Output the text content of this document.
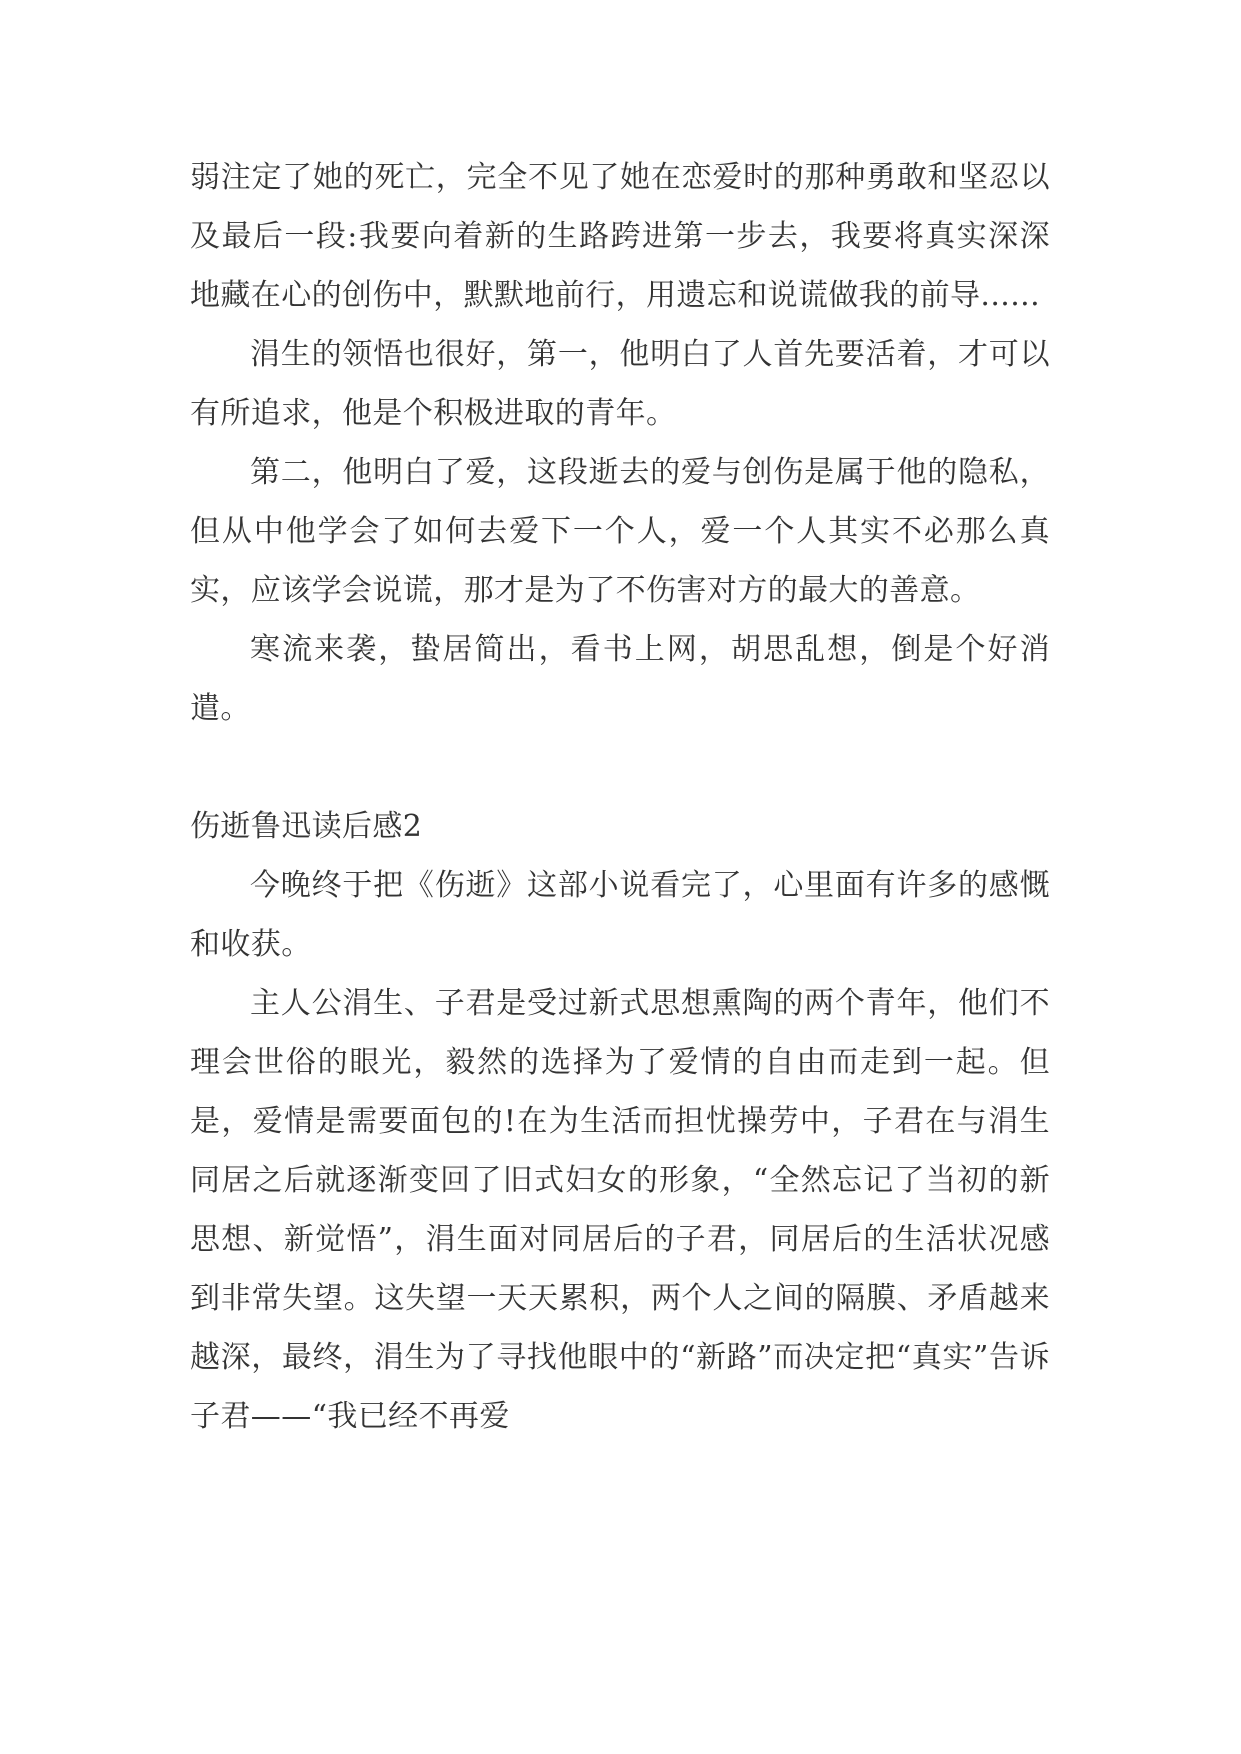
弱注定了她的死亡，完全不见了她在恋爱时的那种勇敢和坚忍以及最后一段:我要向着新的生路跨进第一步去，我要将真实深深地藏在心的创伤中，默默地前行，用遗忘和说谎做我的前导......

涓生的领悟也很好，第一，他明白了人首先要活着，才可以有所追求，他是个积极进取的青年。

第二，他明白了爱，这段逝去的爱与创伤是属于他的隐私，但从中他学会了如何去爱下一个人，爱一个人其实不必那么真实，应该学会说谎，那才是为了不伤害对方的最大的善意。

寒流来袭，蛰居简出，看书上网，胡思乱想，倒是个好消遣。

伤逝鲁迅读后感2

今晚终于把《伤逝》这部小说看完了，心里面有许多的感慨和收获。

主人公涓生、子君是受过新式思想熏陶的两个青年，他们不理会世俗的眼光，毅然的选择为了爱情的自由而走到一起。但是，爱情是需要面包的!在为生活而担忧操劳中，子君在与涓生同居之后就逐渐变回了旧式妇女的形象，“全然忘记了当初的新思想、新觉悟”，涓生面对同居后的子君，同居后的生活状况感到非常失望。这失望一天天累积，两个人之间的隔膜、矛盾越来越深，最终，涓生为了寻找他眼中的“新路”而决定把“真实”告诉子君——“我已经不再爱
